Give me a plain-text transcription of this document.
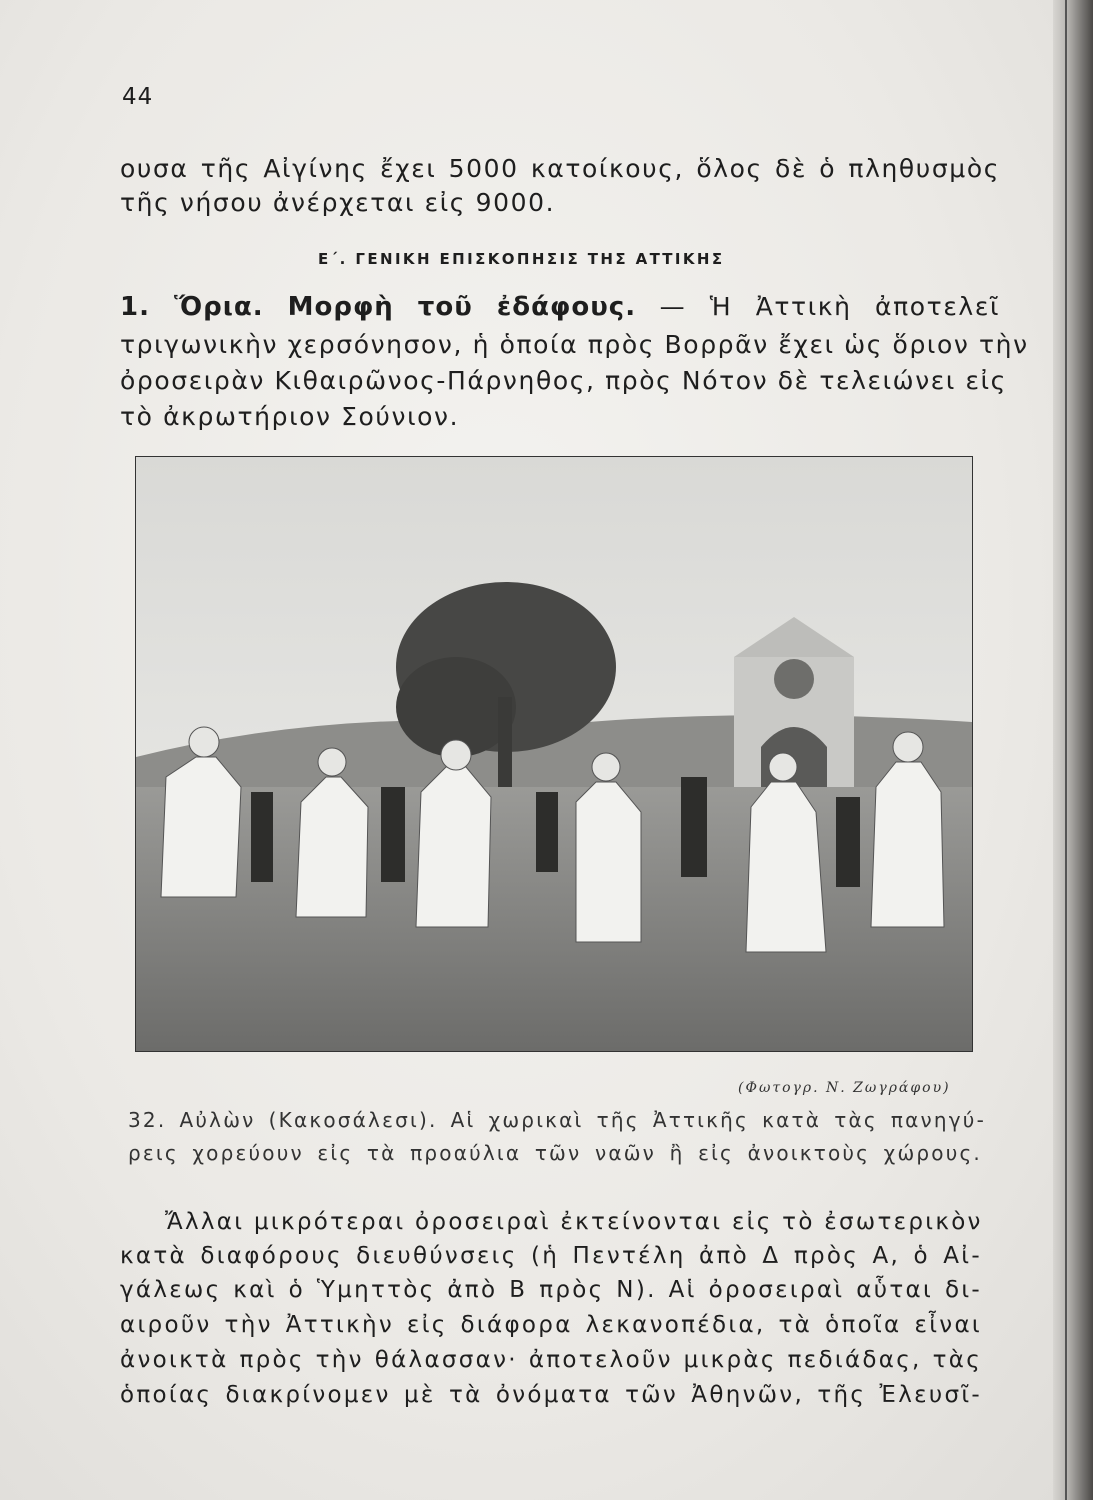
44
ουσα τῆς Αἰγίνης ἔχει 5000 κατοίκους, ὅλος δὲ ὁ πληθυσμὸς
τῆς νήσου ἀνέρχεται εἰς 9000.
Ε΄. ΓΕΝΙΚΗ ΕΠΙΣΚΟΠΗΣΙΣ ΤΗΣ ΑΤΤΙΚΗΣ
1. Ὅρια. Μορφὴ τοῦ ἐδάφους. — Ἡ Ἀττικὴ ἀποτελεῖ
τριγωνικὴν χερσόνησον, ἡ ὁποία πρὸς Βορρᾶν ἔχει ὡς ὅριον τὴν
ὀροσειρὰν Κιθαιρῶνος-Πάρνηθος, πρὸς Νότον δὲ τελειώνει εἰς
τὸ ἀκρωτήριον Σούνιον.
(Φωτογρ. Ν. Ζωγράφου)
32. Αὐλὼν (Κακοσάλεσι). Αἱ χωρικαὶ τῆς Ἀττικῆς κατὰ τὰς πανηγύ-
ρεις χορεύουν εἰς τὰ προαύλια τῶν ναῶν ἢ εἰς ἀνοικτοὺς χώρους.
Ἄλλαι μικρότεραι ὀροσειραὶ ἐκτείνονται εἰς τὸ ἐσωτερικὸν
κατὰ διαφόρους διευθύνσεις (ἡ Πεντέλη ἀπὸ Δ πρὸς Α, ὁ Αἰ-
γάλεως καὶ ὁ Ὑμηττὸς ἀπὸ Β πρὸς Ν). Αἱ ὀροσειραὶ αὗται δι-
αιροῦν τὴν Ἀττικὴν εἰς διάφορα λεκανοπέδια, τὰ ὁποῖα εἶναι
ἀνοικτὰ πρὸς τὴν θάλασσαν· ἀποτελοῦν μικρὰς πεδιάδας, τὰς
ὁποίας διακρίνομεν μὲ τὰ ὀνόματα τῶν Ἀθηνῶν, τῆς Ἐλευσῖ-
